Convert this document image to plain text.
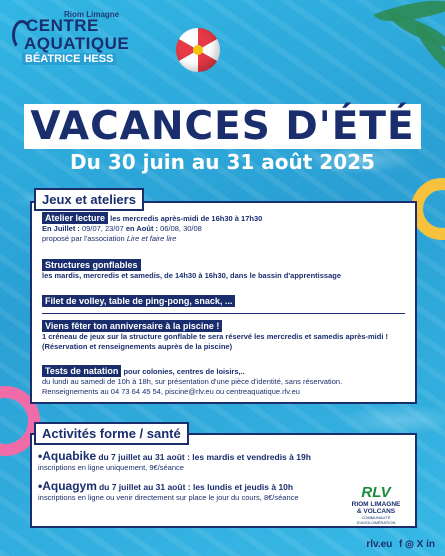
Riom Limagne
CENTRE
AQUATIQUE
BÉATRICE HESS
VACANCES D'ÉTÉ
Du 30 juin au 31 août 2025
Atelier lecture les mercredis après-midi de 16h30 à 17h30
En Juillet : 09/07, 23/07 en Août : 06/08, 30/08
proposé par l'association Lire et faire lire
Structures gonflables
les mardis, mercredis et samedis, de 14h30 à 16h30, dans le bassin d'apprentissage
Filet de volley, table de ping-pong, snack, ...
Viens fêter ton anniversaire à la piscine !
1 créneau de jeux sur la structure gonflable te sera réservé les mercredis et samedis après-midi !
(Réservation et renseignements auprès de la piscine)
Tests de natation pour colonies, centres de loisirs,..
du lundi au samedi de 10h à 18h, sur présentation d'une pièce d'identité, sans réservation.
Renseignements au 04 73 64 45 54, piscine@rlv.eu ou centreaquatique.rlv.eu
Jeux et ateliers
•Aquabike du 7 juillet au 31 août : les mardis et vendredis à 19h
inscriptions en ligne uniquement, 9€/séance
•Aquagym du 7 juillet au 31 août : les lundis et jeudis à 10h
inscriptions en ligne ou venir directement sur place le jour du cours, 8€/séance
Activités forme / santé
RLV
RIOM LIMAGNE
& VOLCANS
COMMUNAUTÉ D'AGGLOMÉRATION
rlv.eu f ◎ X in
